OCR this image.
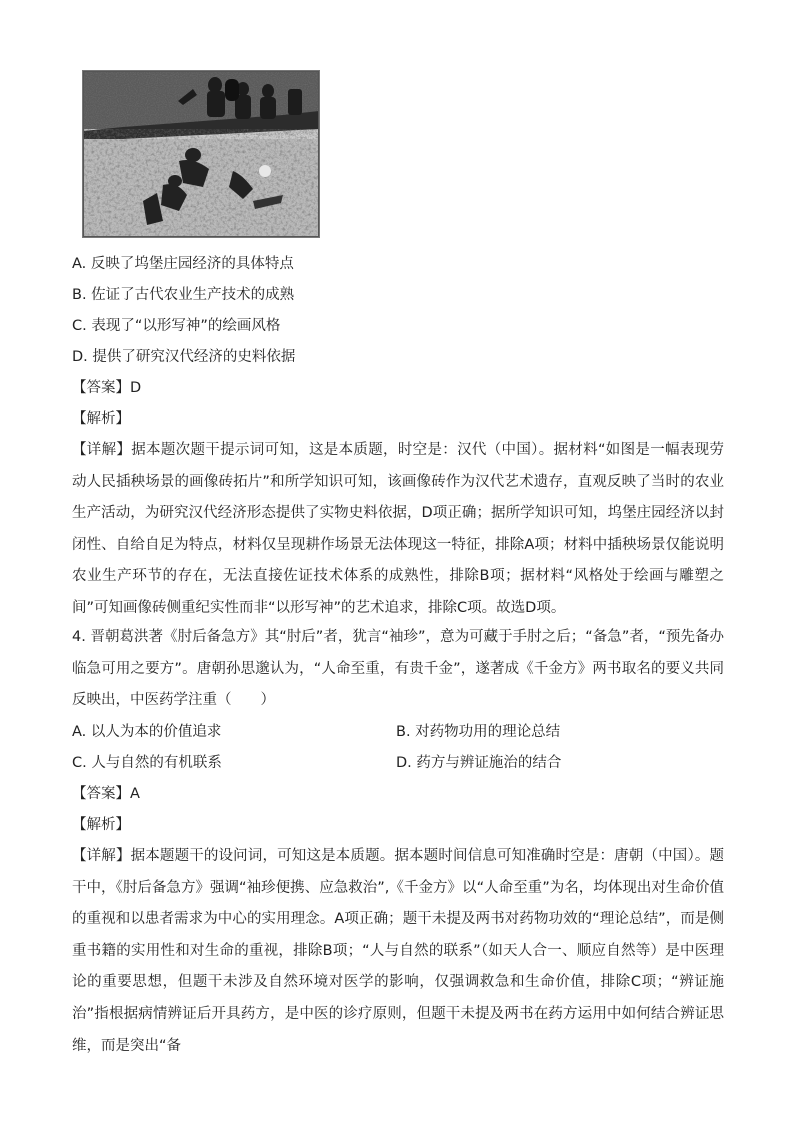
A. 反映了坞堡庄园经济的具体特点
B. 佐证了古代农业生产技术的成熟
C. 表现了“以形写神”的绘画风格
D. 提供了研究汉代经济的史料依据
【答案】D
【解析】
【详解】据本题次题干提示词可知，这是本质题，时空是：汉代（中国）。据材料“如图是一幅表现劳动人民插秧场景的画像砖拓片”和所学知识可知，该画像砖作为汉代艺术遗存，直观反映了当时的农业生产活动，为研究汉代经济形态提供了实物史料依据，D项正确；据所学知识可知，坞堡庄园经济以封闭性、自给自足为特点，材料仅呈现耕作场景无法体现这一特征，排除A项；材料中插秧场景仅能说明农业生产环节的存在，无法直接佐证技术体系的成熟性，排除B项；据材料“风格处于绘画与雕塑之间”可知画像砖侧重纪实性而非“以形写神”的艺术追求，排除C项。故选D项。
4. 晋朝葛洪著《肘后备急方》其“肘后”者，犹言“袖珍”，意为可藏于手肘之后；“备急”者，“预先备办临急可用之要方”。唐朝孙思邈认为，“人命至重，有贵千金”，遂著成《千金方》两书取名的要义共同反映出，中医药学注重（　　）
A. 以人为本的价值追求	B. 对药物功用的理论总结
C. 人与自然的有机联系	D. 药方与辨证施治的结合
【答案】A
【解析】
【详解】据本题题干的设问词，可知这是本质题。据本题时间信息可知准确时空是：唐朝（中国）。题干中，《肘后备急方》强调“袖珍便携、应急救治”,《千金方》以“人命至重”为名，均体现出对生命价值的重视和以患者需求为中心的实用理念。A项正确；题干未提及两书对药物功效的“理论总结”，而是侧重书籍的实用性和对生命的重视，排除B项；“人与自然的联系”（如天人合一、顺应自然等）是中医理论的重要思想，但题干未涉及自然环境对医学的影响，仅强调救急和生命价值，排除C项；“辨证施治”指根据病情辨证后开具药方，是中医的诊疗原则，但题干未提及两书在药方运用中如何结合辨证思维，而是突出“备
